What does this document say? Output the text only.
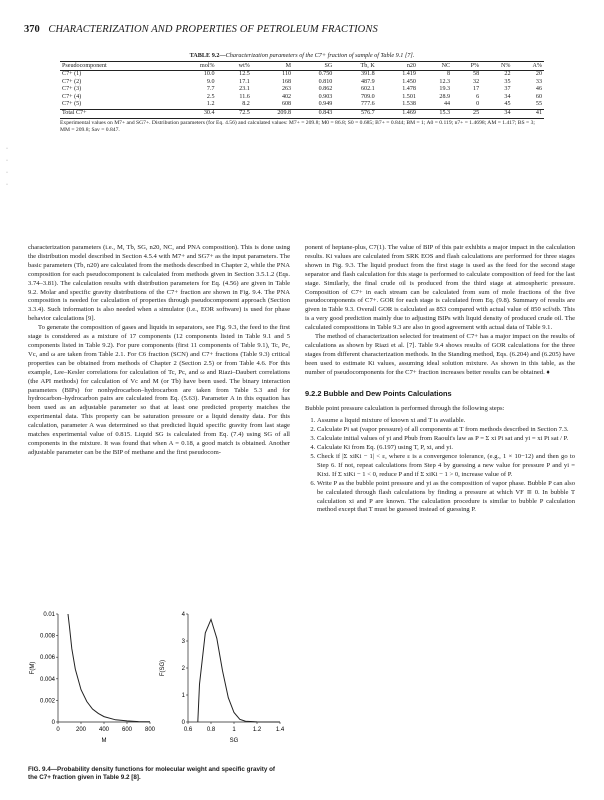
370 CHARACTERIZATION AND PROPERTIES OF PETROLEUM FRACTIONS
·

·

·

·
TABLE 9.2—Characterization parameters of the C7+ fraction of sample of Table 9.1 [7].
Pseudocomponent	mol%	wt%	M	SG	Tb, K	n20	NC	P%	N%	A%
C7+ (1)	10.0	12.5	110	0.750	391.8	1.419	8	58	22	20
C7+ (2)	9.0	17.1	168	0.810	487.9	1.450	12.3	32	35	33
C7+ (3)	7.7	23.1	263	0.862	602.1	1.478	19.3	17	37	46
C7+ (4)	2.5	11.6	402	0.903	709.0	1.501	28.9	6	34	60
C7+ (5)	1.2	8.2	608	0.949	777.6	1.538	44	0	45	55
Total C7+	30.4	72.5	209.8	0.843	576.7	1.469	15.3	25	34	41
Experimental values on M7+ and SG7+. Distribution parameters (for Eq. 4.56) and calculated values: M7+ = 209.8; M0 = 86.8; S0 = 0.685; B7+ = 0.844; BM = 1; A0 = 0.119; n7+ = 1.4698; AM = 1.417; BS = 3; MM = 209.8; Sav = 0.847.

characterization parameters (i.e., M, Tb, SG, n20, NC, and PNA composition). This is done using the distribution model described in Section 4.5.4 with M7+ and SG7+ as the input parameters. The basic parameters (Tb, n20) are calculated from the methods described in Chapter 2, while the PNA composition for each pseudocomponent is calculated from methods given in Section 3.5.1.2 (Eqs. 3.74–3.81). The calculation results with distribution parameters for Eq. (4.56) are given in Table 9.2. Molar and specific gravity distributions of the C7+ fraction are shown in Fig. 9.4. The PNA composition is needed for calculation of properties through pseudocomponent approach (Section 3.3.4). Such information is also needed when a simulator (i.e., EOR software) is used for phase behavior calculations [9].

To generate the composition of gases and liquids in separators, see Fig. 9.3, the feed to the first stage is considered as a mixture of 17 components (12 components listed in Table 9.1 and 5 components listed in Table 9.2). For pure components (first 11 components of Table 9.1), Tc, Pc, Vc, and ω are taken from Table 2.1. For C6 fraction (SCN) and C7+ fractions (Table 9.3) critical properties can be obtained from methods of Chapter 2 (Section 2.5) or from Table 4.6. For this example, Lee–Kesler correlations for calculation of Tc, Pc, and ω and Riazi–Daubert correlations (the API methods) for calculation of Vc and M (or Tb) have been used. The binary interaction parameters (BIPs) for nonhydrocarbon–hydrocarbon are taken from Table 5.3 and for hydrocarbon–hydrocarbon pairs are calculated from Eq. (5.63). Parameter A in this equation has been used as an adjustable parameter so that at least one predicted property matches the experimental data. This property can be saturation pressure or a liquid density data. For this calculation, parameter A was determined so that predicted liquid specific gravity from last stage matches experimental value of 0.815. Liquid SG is calculated from Eq. (7.4) using SG of all components in the mixture. It was found that when A = 0.18, a good match is obtained. Another adjustable parameter can be the BIP of methane and the first pseudocom-

ponent of heptane-plus, C7(1). The value of BIP of this pair exhibits a major impact in the calculation results. Ki values are calculated from SRK EOS and flash calculations are performed for three stages shown in Fig. 9.3. The liquid product from the first stage is used as the feed for the second stage separator and flash calculation for this stage is performed to calculate composition of feed for the last stage. Similarly, the final crude oil is produced from the third stage at atmospheric pressure. Composition of C7+ in each stream can be calculated from sum of mole fractions of the five pseudocomponents of C7+. GOR for each stage is calculated from Eq. (9.8). Summary of results are given in Table 9.3. Overall GOR is calculated as 853 compared with actual value of 850 scf/stb. This is a very good prediction mainly due to adjusting BIPs with liquid density of produced crude oil. The calculated compositions in Table 9.3 are also in good agreement with actual data of Table 9.1.

The method of characterization selected for treatment of C7+ has a major impact on the results of calculations as shown by Riazi et al. [7]. Table 9.4 shows results of GOR calculations for the three stages from different characterization methods. In the Standing method, Eqs. (6.204) and (6.205) have been used to estimate Ki values, assuming ideal solution mixture. As shown in this table, as the number of pseudocomponents for the C7+ fraction increases better results can be obtained. ♦

9.2.2 Bubble and Dew Points Calculations

Bubble point pressure calculation is performed through the following steps:

1. Assume a liquid mixture of known xi and T is available.
2. Calculate Pi sat (vapor pressure) of all components at T from methods described in Section 7.3.
3. Calculate initial values of yi and Pbub from Raoult's law as P = Σ xi Pi sat and yi = xi Pi sat / P.
4. Calculate Ki from Eq. (6.197) using T, P, xi, and yi.
5. Check if |Σ xiKi − 1| < ε, where ε is a convergence tolerance, (e.g., 1 × 10−12) and then go to Step 6. If not, repeat calculations from Step 4 by guessing a new value for pressure P and yi = Kixi. If Σ xiKi − 1 < 0, reduce P and if Σ xiKi − 1 > 0, increase value of P.
6. Write P as the bubble point pressure and yi as the composition of vapor phase. Bubble P can also be calculated through flash calculations by finding a pressure at which VF ≅ 0. In bubble T calculation xi and P are known. The calculation procedure is similar to bubble P calculation method except that T must be guessed instead of guessing P.
0.01
0.008
0.006
0.004
0.002
0
0	200 400 600 800
M
F(M)
4
3
2
1
0
0.6 0.8	1	1.2 1.4
SG
F(SG)
FIG. 9.4—Probability density functions for molecular weight and specific gravity of the C7+ fraction given in Table 9.2 [8].
